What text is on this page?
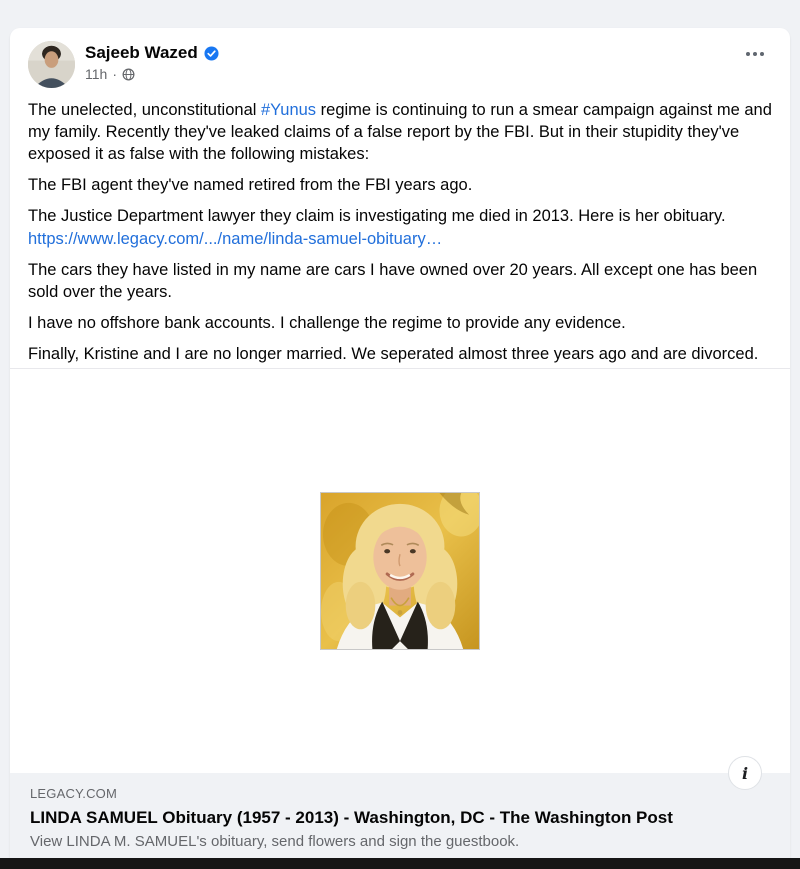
Sajeeb Wazed
11h ·

The unelected, unconstitutional #Yunus regime is continuing to run a smear campaign against me and my family. Recently they've leaked claims of a false report by the FBI. But in their stupidity they've exposed it as false with the following mistakes:

The FBI agent they've named retired from the FBI years ago.

The Justice Department lawyer they claim is investigating me died in 2013. Here is her obituary.
https://www.legacy.com/.../name/linda-samuel-obituary…

The cars they have listed in my name are cars I have owned over 20 years. All except one has been sold over the years.

I have no offshore bank accounts. I challenge the regime to provide any evidence.

Finally, Kristine and I are no longer married. We seperated almost three years ago and are divorced.

i
LEGACY.COM
LINDA SAMUEL Obituary (1957 - 2013) - Washington, DC - The Washington Post
View LINDA M. SAMUEL's obituary, send flowers and sign the guestbook.
